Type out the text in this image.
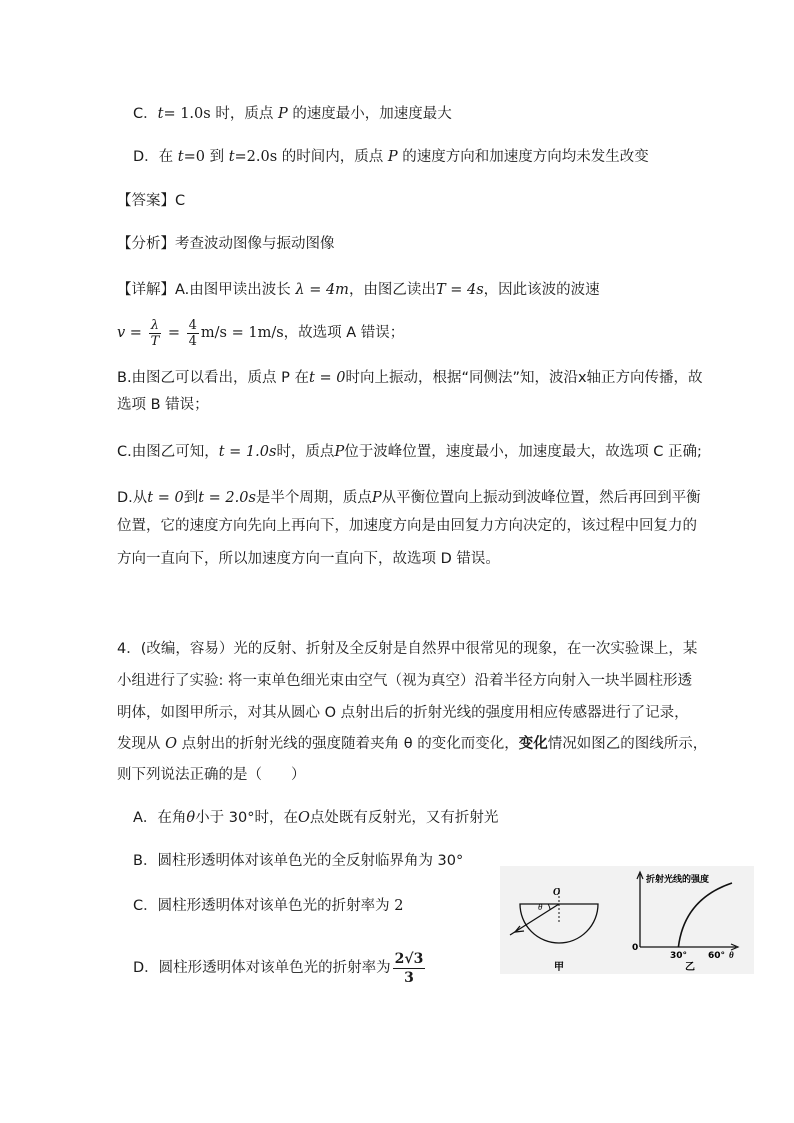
C．t= 1.0s 时，质点 P 的速度最小，加速度最大
D．在 t=0 到 t=2.0s 的时间内，质点 P 的速度方向和加速度方向均未发生改变
【答案】C
【分析】考查波动图像与振动图像
【详解】A.由图甲读出波长 λ = 4m，由图乙读出T = 4s，因此该波的波速
$v = \frac{\lambda}{T} = \frac{4}{4} m/s = 1m/s$，故选项 A 错误；
B.由图乙可以看出，质点 P 在t = 0时向上振动，根据“同侧法”知，波沿x轴正方向传播，故
选项 B 错误；
C.由图乙可知，t = 1.0s时，质点P位于波峰位置，速度最小，加速度最大，故选项 C 正确;
D.从t = 0到t = 2.0s是半个周期，质点P从平衡位置向上振动到波峰位置，然后再回到平衡
位置，它的速度方向先向上再向下，加速度方向是由回复力方向决定的，该过程中回复力的
方向一直向下，所以加速度方向一直向下，故选项 D 错误。
4．(改编，容易）光的反射、折射及全反射是自然界中很常见的现象，在一次实验课上，某
小组进行了实验: 将一束单色细光束由空气（视为真空）沿着半径方向射入一块半圆柱形透
明体，如图甲所示，对其从圆心 O 点射出后的折射光线的强度用相应传感器进行了记录，
发现从 O 点射出的折射光线的强度随着夹角 θ 的变化而变化，变化情况如图乙的图线所示，
则下列说法正确的是（　　）
A．在角θ小于 30°时，在O点处既有反射光，又有折射光
B．圆柱形透明体对该单色光的全反射临界角为 30°
C．圆柱形透明体对该单色光的折射率为 2
D．圆柱形透明体对该单色光的折射率为 $\frac{2√3}{3}$
O
θ
甲
折射光线的强度
0
30° 60° θ
乙
